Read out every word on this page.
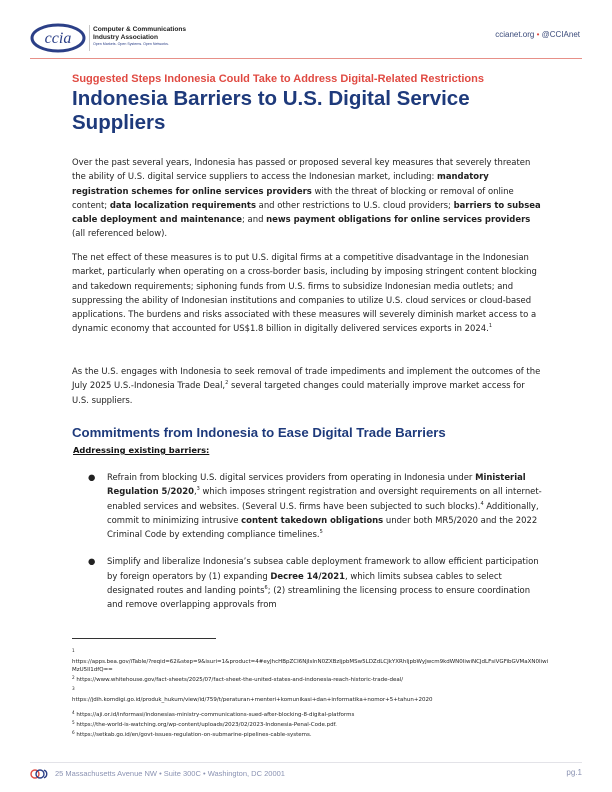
ccia
Computer & Communications
Industry Association
Open Markets. Open Systems. Open Networks.
ccianet.org • @CCIAnet
Suggested Steps Indonesia Could Take to Address Digital-Related Restrictions
Indonesia Barriers to U.S. Digital Service Suppliers
Over the past several years, Indonesia has passed or proposed several key measures that severely threaten the ability of U.S. digital service suppliers to access the Indonesian market, including: mandatory registration schemes for online services providers with the threat of blocking or removal of online content; data localization requirements and other restrictions to U.S. cloud providers; barriers to subsea cable deployment and maintenance; and news payment obligations for online services providers (all referenced below).
The net effect of these measures is to put U.S. digital firms at a competitive disadvantage in the Indonesian market, particularly when operating on a cross-border basis, including by imposing stringent content blocking and takedown requirements; siphoning funds from U.S. firms to subsidize Indonesian media outlets; and suppressing the ability of Indonesian institutions and companies to utilize U.S. cloud services or cloud-based applications. The burdens and risks associated with these measures will severely diminish market access to a dynamic economy that accounted for US$1.8 billion in digitally delivered services exports in 2024.$^1$
As the U.S. engages with Indonesia to seek removal of trade impediments and implement the outcomes of the July 2025 U.S.-Indonesia Trade Deal,$^2$ several targeted changes could materially improve market access for U.S. suppliers.
Commitments from Indonesia to Ease Digital Trade Barriers
Addressing existing barriers:
● Refrain from blocking U.S. digital services providers from operating in Indonesia under Ministerial Regulation 5/2020,$^3$ which imposes stringent registration and oversight requirements on all internet-enabled services and websites. (Several U.S. firms have been subjected to such blocks).$^4$ Additionally, commit to minimizing intrusive content takedown obligations under both MR5/2020 and the 2022 Criminal Code by extending compliance timelines.$^5$
● Simplify and liberalize Indonesia’s subsea cable deployment framework to allow efficient participation by foreign operators by (1) expanding Decree 14/2021, which limits subsea cables to select designated routes and landing points$^6$; (2) streamlining the licensing process to ensure coordination and remove overlapping approvals from
1
https://apps.bea.gov/iTable/?reqid=62&step=9&isuri=1&product=4#eyJhcHBpZCI6NjIsInN0ZXBzIjpbMSw5LDZdLCJkYXRhIjpbWyJwcm9kdWN0IiwiNCJdLFsiVGFibGVMaXN0IiwiMzU5Il1dfQ==
$^2$ https://www.whitehouse.gov/fact-sheets/2025/07/fact-sheet-the-united-states-and-indonesia-reach-historic-trade-deal/
3
https://jdih.komdigi.go.id/produk_hukum/view/id/759/t/peraturan+menteri+komunikasi+dan+informatika+nomor+5+tahun+2020
$^4$ https://aji.or.id/informasi/indonesias-ministry-communications-sued-after-blocking-8-digital-platforms
$^5$ https://the-world-is-watching.org/wp-content/uploads/2023/02/2023-Indonesia-Penal-Code.pdf.
$^6$ https://setkab.go.id/en/govt-issues-regulation-on-submarine-pipelines-cable-systems.
25 Massachusetts Avenue NW • Suite 300C • Washington, DC 20001	pg.1
